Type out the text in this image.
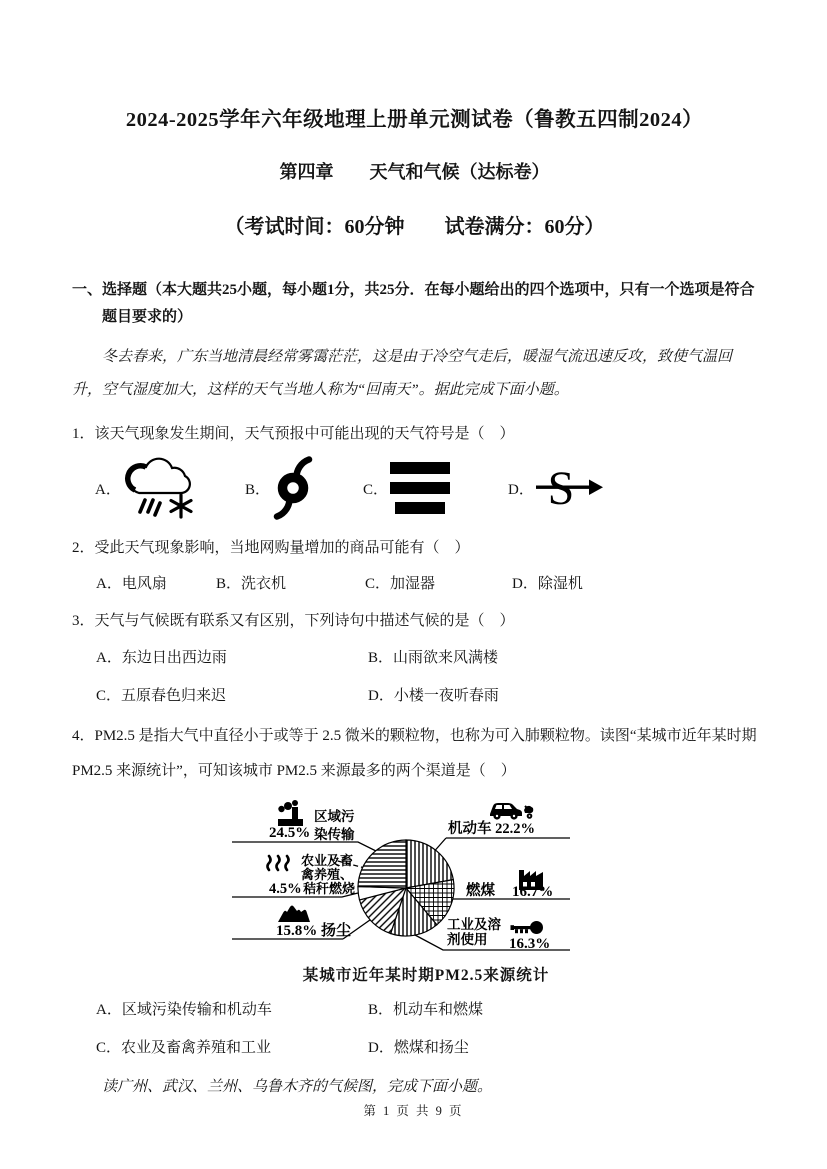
2024-2025学年六年级地理上册单元测试卷（鲁教五四制2024）
第四章　　天气和气候（达标卷）
（考试时间：60分钟　　试卷满分：60分）
一、选择题（本大题共25小题，每小题1分，共25分．在每小题给出的四个选项中，只有一个选项是符合题目要求的）

冬去春来，广东当地清晨经常雾霭茫茫，这是由于冷空气走后，暖湿气流迅速反攻，致使气温回升，空气湿度加大，这样的天气当地人称为“回南天”。据此完成下面小题。

1．该天气现象发生期间，天气预报中可能出现的天气符号是（　）
A．	B．	C．	D．
2．受此天气现象影响，当地网购量增加的商品可能有（　）
A．电风扇	B．洗衣机	C．加湿器	D．除湿机
3．天气与气候既有联系又有区别，下列诗句中描述气候的是（　）
A．东边日出西边雨	B．山雨欲来风满楼
C．五原春色归来迟	D．小楼一夜听春雨
4．PM2.5 是指大气中直径小于或等于 2.5 微米的颗粒物，也称为可入肺颗粒物。读图“某城市近年某时期PM2.5 来源统计”，可知该城市 PM2.5 来源最多的两个渠道是（　）
机动车 22.2%
燃煤 16.7%
工业及溶
剂使用 16.3%
15.8% 扬尘
农业及畜
禽养殖、
4.5% 秸秆燃烧
区域污
染传输
24.5%
某城市近年某时期PM2.5来源统计
A．区域污染传输和机动车	B．机动车和燃煤
C．农业及畜禽养殖和工业	D．燃煤和扬尘

读广州、武汉、兰州、乌鲁木齐的气候图，完成下面小题。

第 1 页 共 9 页
